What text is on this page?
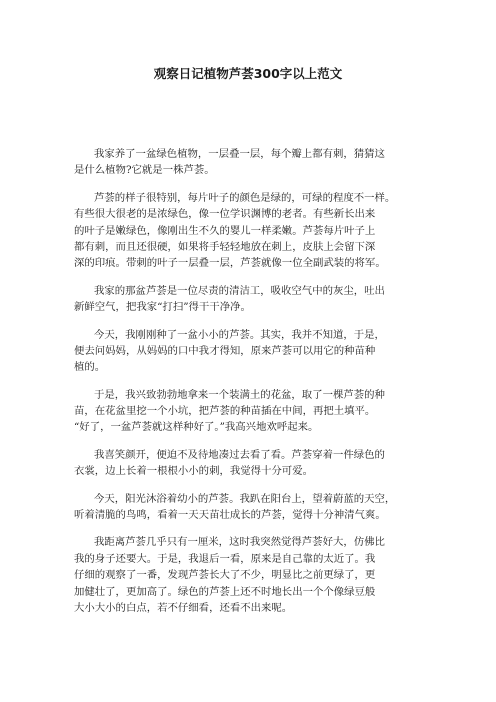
观察日记植物芦荟300字以上范文
我家养了一盆绿色植物，一层叠一层，每个瓣上都有刺，猜猜这
是什么植物?它就是一株芦荟。
芦荟的样子很特别，每片叶子的颜色是绿的，可绿的程度不一样。
有些很大很老的是浓绿色，像一位学识渊博的老者。有些新长出来
的叶子是嫩绿色，像刚出生不久的婴儿一样柔嫩。芦荟每片叶子上
都有刺，而且还很硬，如果将手轻轻地放在刺上，皮肤上会留下深
深的印痕。带刺的叶子一层叠一层，芦荟就像一位全副武装的将军。
我家的那盆芦荟是一位尽责的清洁工，吸收空气中的灰尘，吐出
新鲜空气，把我家“打扫”得干干净净。
今天，我刚刚种了一盆小小的芦荟。其实，我并不知道，于是，
便去问妈妈，从妈妈的口中我才得知，原来芦荟可以用它的种苗种
植的。
于是，我兴致勃勃地拿来一个装满土的花盆，取了一棵芦荟的种
苗，在花盆里挖一个小坑，把芦荟的种苗插在中间，再把土填平。
“好了，一盆芦荟就这样种好了。”我高兴地欢呼起来。
我喜笑颜开，便迫不及待地凑过去看了看。芦荟穿着一件绿色的
衣裳，边上长着一根根小小的刺，我觉得十分可爱。
今天，阳光沐浴着幼小的芦荟。我趴在阳台上，望着蔚蓝的天空，
听着清脆的鸟鸣，看着一天天苗壮成长的芦荟，觉得十分神清气爽。
我距离芦荟几乎只有一厘米，这时我突然觉得芦荟好大，仿佛比
我的身子还要大。于是，我退后一看，原来是自己靠的太近了。我
仔细的观察了一番，发现芦荟长大了不少，明显比之前更绿了，更
加健壮了，更加高了。绿色的芦荟上还不时地长出一个个像绿豆般
大小大小的白点，若不仔细看，还看不出来呢。
